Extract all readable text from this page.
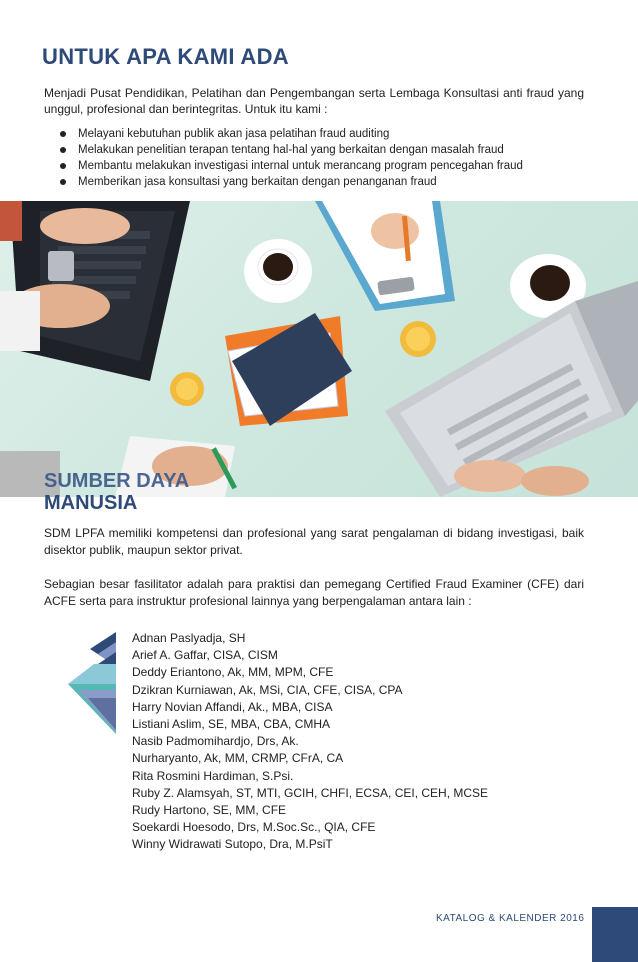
UNTUK APA KAMI ADA

Menjadi Pusat Pendidikan, Pelatihan dan Pengembangan serta Lembaga Konsultasi anti fraud yang unggul, profesional dan berintegritas. Untuk itu kami :

Melayani kebutuhan publik akan jasa pelatihan fraud auditing
Melakukan penelitian terapan tentang hal-hal yang berkaitan dengan masalah fraud
Membantu melakukan investigasi internal untuk merancang program pencegahan fraud
Memberikan jasa konsultasi yang berkaitan dengan penanganan fraud
SUMBER DAYA
MANUSIA

SDM LPFA memiliki kompetensi dan profesional yang sarat pengalaman di bidang investigasi, baik disektor publik, maupun sektor privat.

Sebagian besar fasilitator adalah para praktisi dan pemegang Certified Fraud Examiner (CFE) dari ACFE serta para instruktur profesional lainnya yang berpengalaman antara lain :

Adnan Paslyadja, SH
Arief A. Gaffar, CISA, CISM
Deddy Eriantono, Ak, MM, MPM, CFE
Dzikran Kurniawan, Ak, MSi, CIA, CFE, CISA, CPA
Harry Novian Affandi, Ak., MBA, CISA
Listiani Aslim, SE, MBA, CBA, CMHA
Nasib Padmomihardjo, Drs, Ak.
Nurharyanto, Ak, MM, CRMP, CFrA, CA
Rita Rosmini Hardiman, S.Psi.
Ruby Z. Alamsyah, ST, MTI, GCIH, CHFI, ECSA, CEI, CEH, MCSE
Rudy Hartono, SE, MM, CFE
Soekardi Hoesodo, Drs, M.Soc.Sc., QIA, CFE
Winny Widrawati Sutopo, Dra, M.PsiT
KATALOG & KALENDER 2016
